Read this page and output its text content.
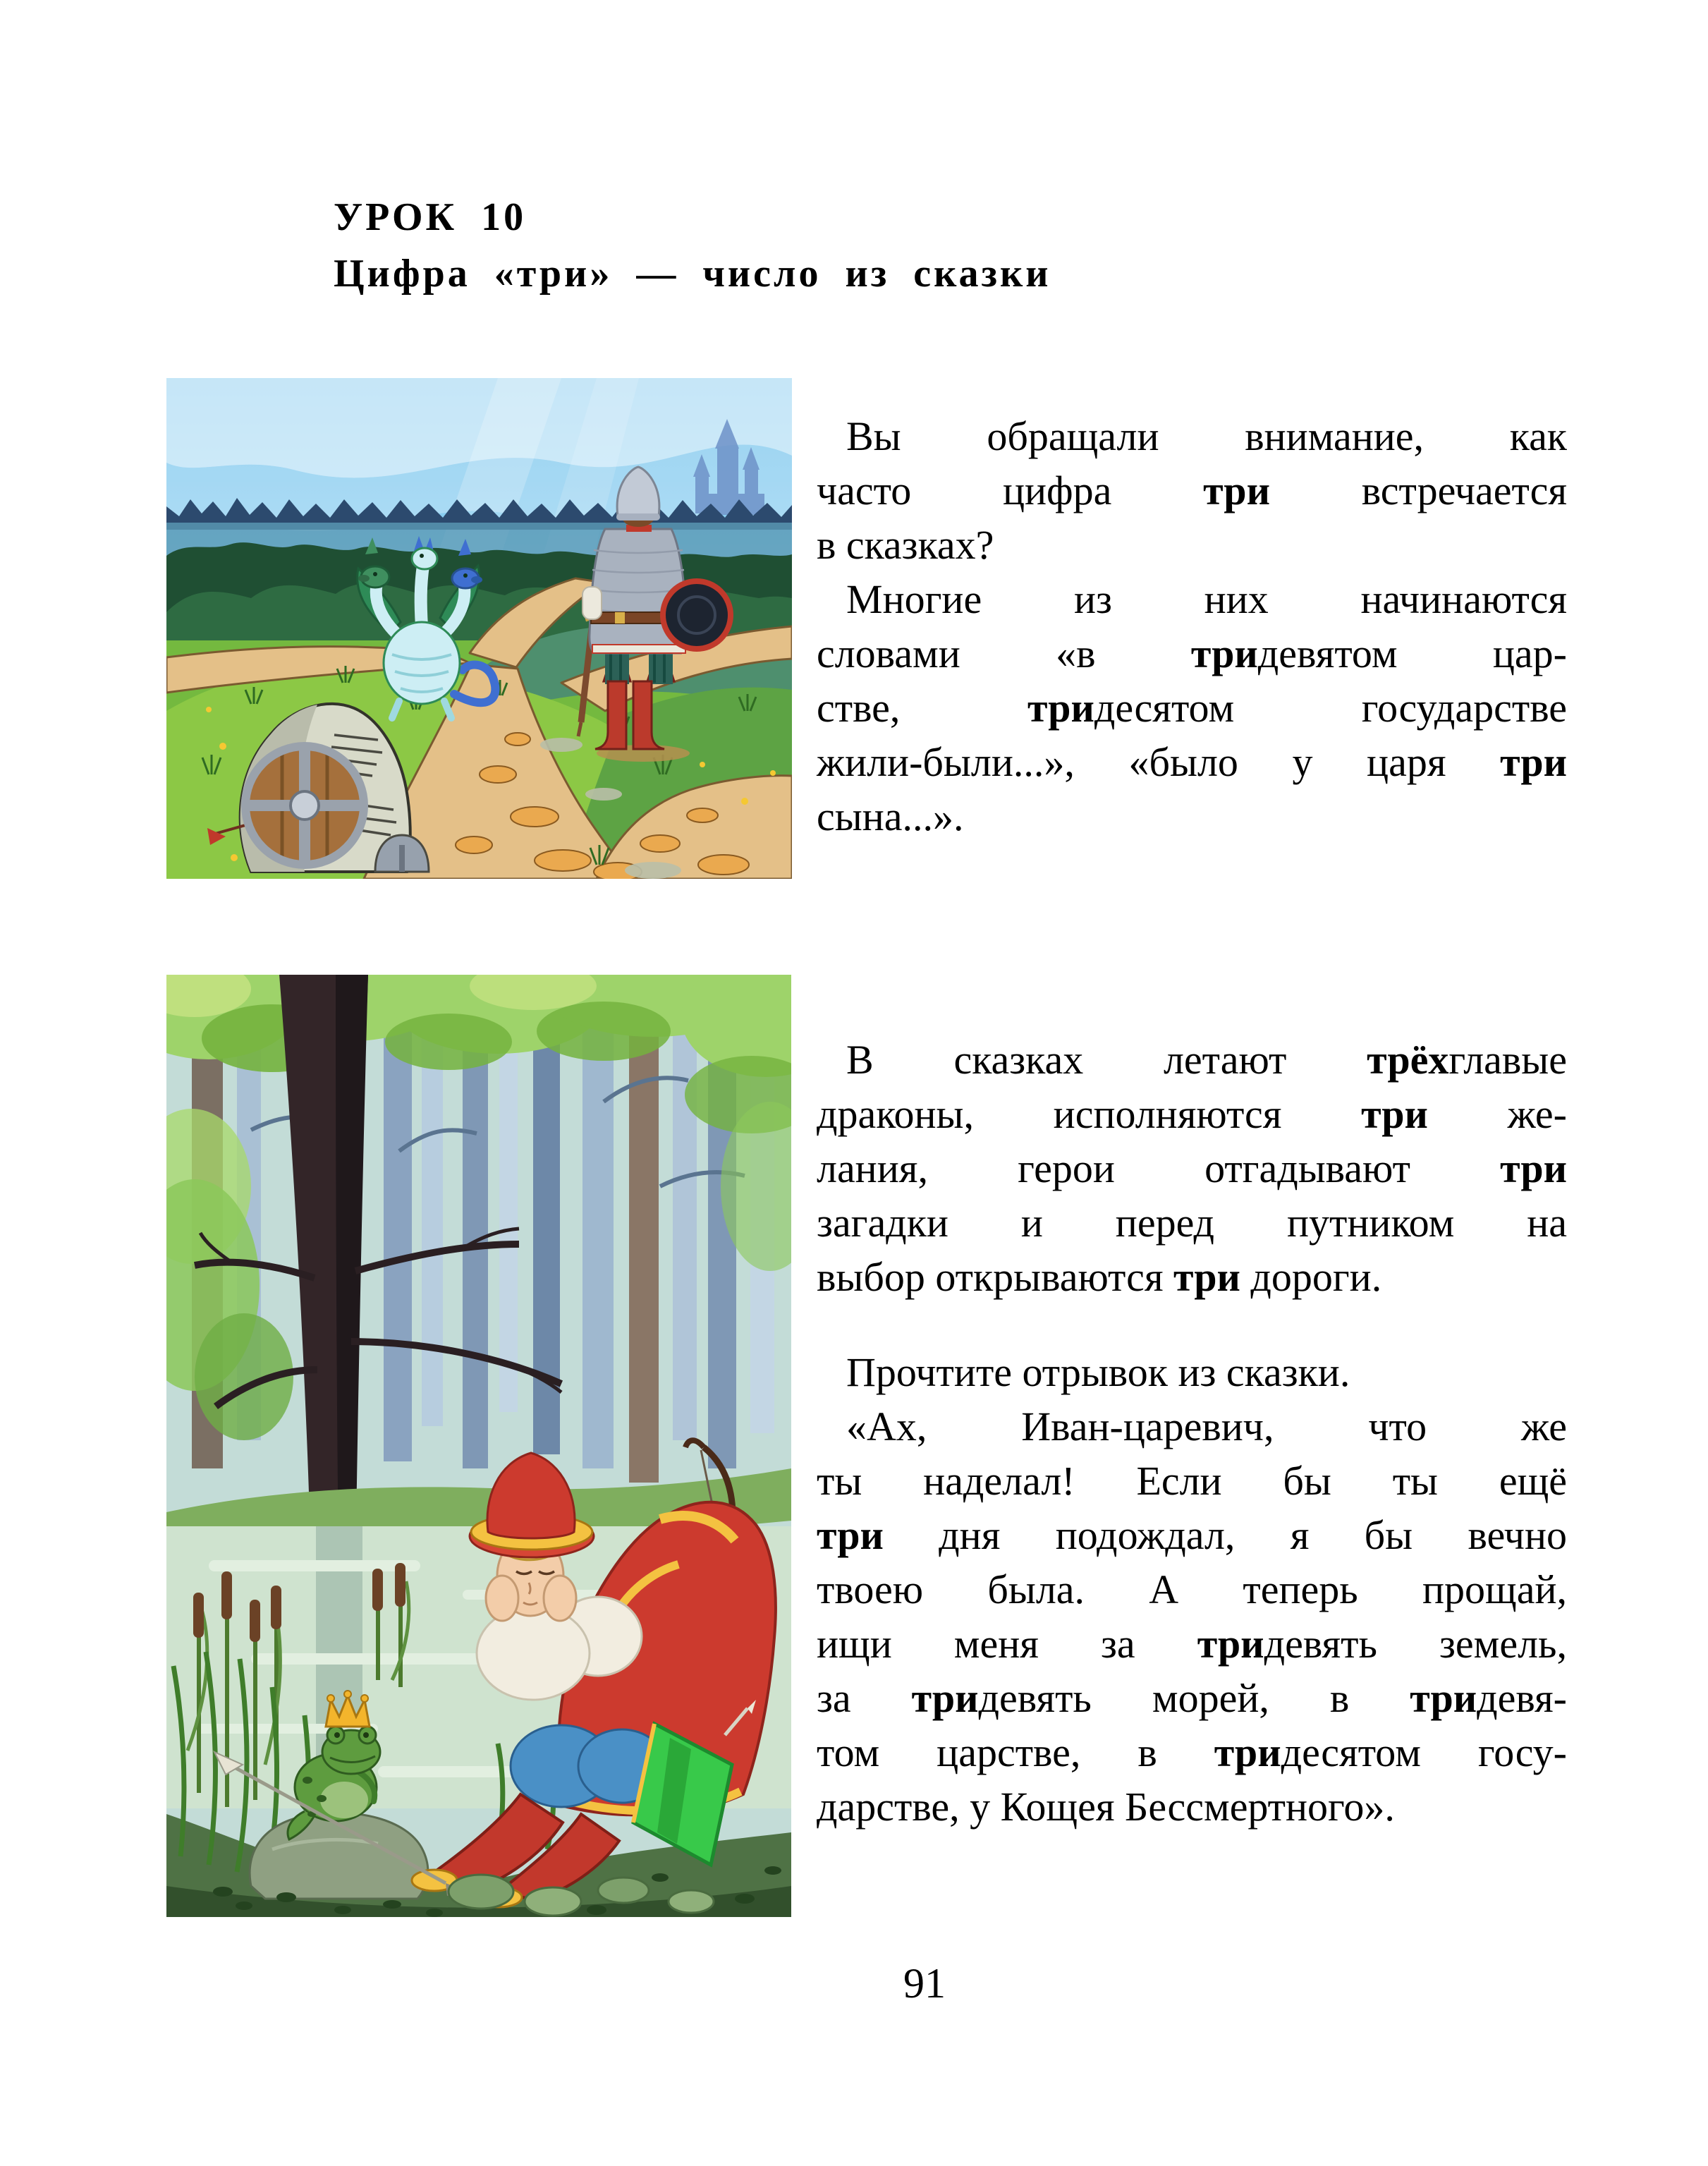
УРОК 10
Цифра «три» — число из сказки
Вы обращали внимание, как
часто цифра три встречается
в сказках?
Многие из них начинаются
словами «в тридевятом цар-
стве, тридесятом государстве
жили-были...», «было у царя три
сына...».
В сказках летают трёхглавые
драконы, исполняются три же-
лания, герои отгадывают три
загадки и перед путником на
выбор открываются три дороги.
Прочтите отрывок из сказки.
«Ах, Иван-царевич, что же
ты наделал! Если бы ты ещё
три дня подождал, я бы вечно
твоею была. А теперь прощай,
ищи меня за тридевять земель,
за тридевять морей, в тридевя-
том царстве, в тридесятом госу-
дарстве, у Кощея Бессмертного».
91
